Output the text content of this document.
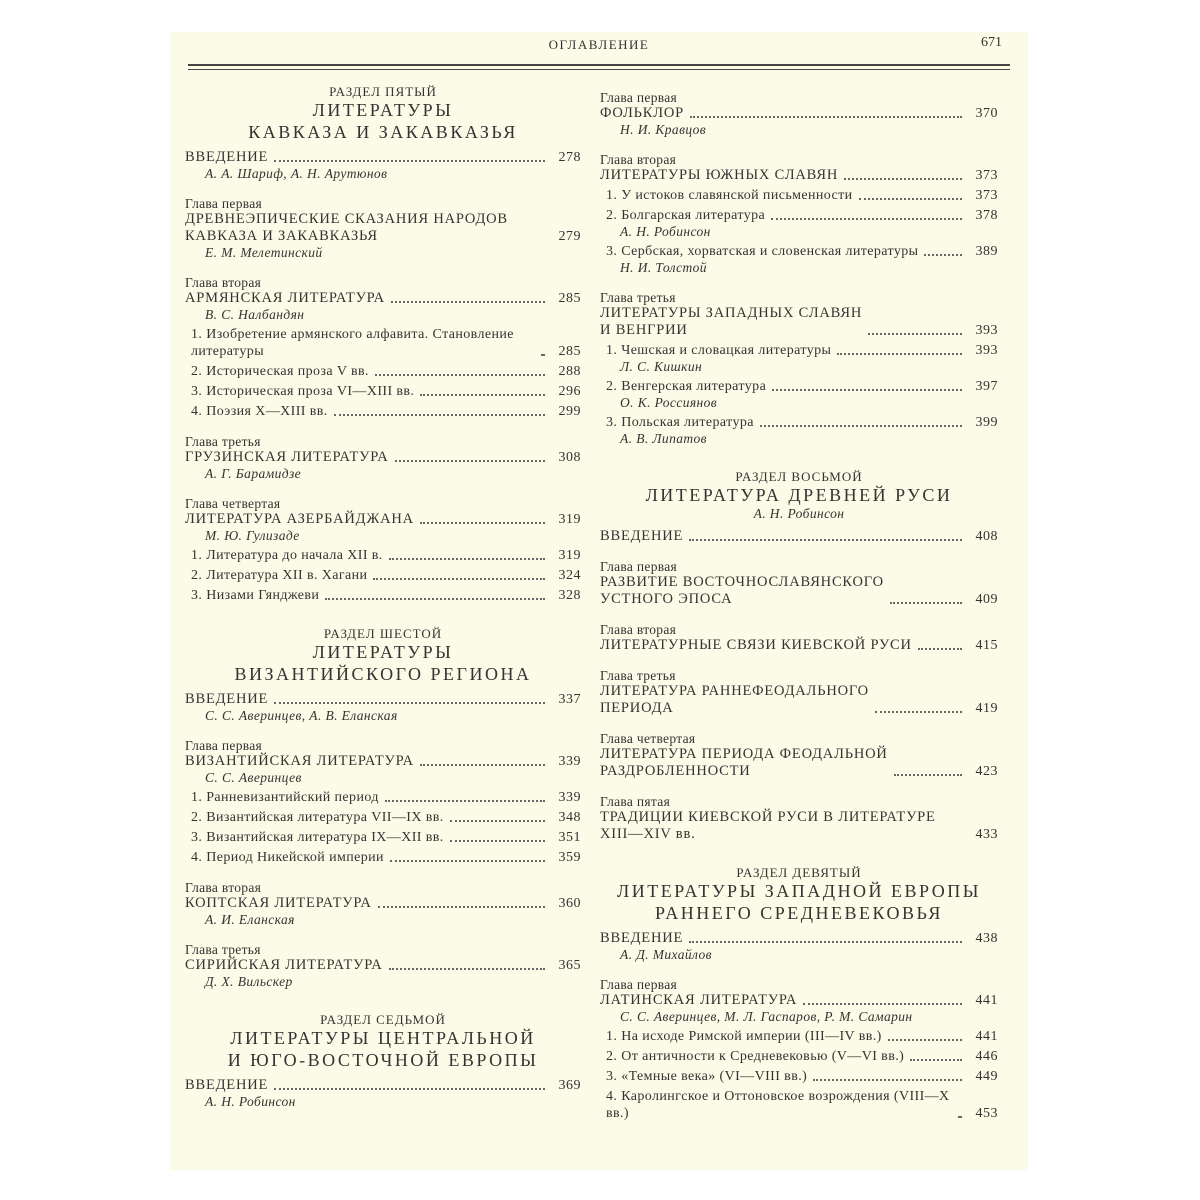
ОГЛАВЛЕНИЕ	671
РАЗДЕЛ ПЯТЫЙ
ЛИТЕРАТУРЫ
КАВКАЗА И ЗАКАВКАЗЬЯ
ВВЕДЕНИЕ	278
А. А. Шариф, А. Н. Арутюнов
Глава первая
ДРЕВНЕЭПИЧЕСКИЕ СКАЗАНИЯ НАРОДОВ
КАВКАЗА И ЗАКАВКАЗЬЯ	279
Е. М. Мелетинский
Глава вторая
АРМЯНСКАЯ ЛИТЕРАТУРА	285
В. С. Налбандян
1. Изобретение армянского алфавита. Становление литературы	285
2. Историческая проза V вв.	288
3. Историческая проза VI—XIII вв.	296
4. Поэзия X—XIII вв.	299
Глава третья
ГРУЗИНСКАЯ ЛИТЕРАТУРА	308
А. Г. Барамидзе
Глава четвертая
ЛИТЕРАТУРА АЗЕРБАЙДЖАНА	319
М. Ю. Гулизаде
1. Литература до начала XII в.	319
2. Литература XII в. Хагани	324
3. Низами Гянджеви	328
РАЗДЕЛ ШЕСТОЙ
ЛИТЕРАТУРЫ
ВИЗАНТИЙСКОГО РЕГИОНА
ВВЕДЕНИЕ	337
С. С. Аверинцев, А. В. Еланская
Глава первая
ВИЗАНТИЙСКАЯ ЛИТЕРАТУРА	339
С. С. Аверинцев
1. Ранневизантийский период	339
2. Византийская литература VII—IX вв.	348
3. Византийская литература IX—XII вв.	351
4. Период Никейской империи	359
Глава вторая
КОПТСКАЯ ЛИТЕРАТУРА	360
А. И. Еланская
Глава третья
СИРИЙСКАЯ ЛИТЕРАТУРА	365
Д. Х. Вильскер
РАЗДЕЛ СЕДЬМОЙ
ЛИТЕРАТУРЫ ЦЕНТРАЛЬНОЙ
И ЮГО-ВОСТОЧНОЙ ЕВРОПЫ
ВВЕДЕНИЕ	369
А. Н. Робинсон
Глава первая
ФОЛЬКЛОР	370
Н. И. Кравцов
Глава вторая
ЛИТЕРАТУРЫ ЮЖНЫХ СЛАВЯН	373
1. У истоков славянской письменности	373
2. Болгарская литература	378
А. Н. Робинсон
3. Сербская, хорватская и словенская литературы	389
Н. И. Толстой
Глава третья
ЛИТЕРАТУРЫ ЗАПАДНЫХ СЛАВЯН
И ВЕНГРИИ	393
1. Чешская и словацкая литературы	393
Л. С. Кишкин
2. Венгерская литература	397
О. К. Россиянов
3. Польская литература	399
А. В. Липатов
РАЗДЕЛ ВОСЬМОЙ
ЛИТЕРАТУРА ДРЕВНЕЙ РУСИ
А. Н. Робинсон
ВВЕДЕНИЕ	408
Глава первая
РАЗВИТИЕ ВОСТОЧНОСЛАВЯНСКОГО
УСТНОГО ЭПОСА	409
Глава вторая
ЛИТЕРАТУРНЫЕ СВЯЗИ КИЕВСКОЙ РУСИ	415
Глава третья
ЛИТЕРАТУРА РАННЕФЕОДАЛЬНОГО
ПЕРИОДА	419
Глава четвертая
ЛИТЕРАТУРА ПЕРИОДА ФЕОДАЛЬНОЙ
РАЗДРОБЛЕННОСТИ	423
Глава пятая
ТРАДИЦИИ КИЕВСКОЙ РУСИ В ЛИТЕРАТУРЕ
XIII—XIV вв.	433
РАЗДЕЛ ДЕВЯТЫЙ
ЛИТЕРАТУРЫ ЗАПАДНОЙ ЕВРОПЫ
РАННЕГО СРЕДНЕВЕКОВЬЯ
ВВЕДЕНИЕ	438
А. Д. Михайлов
Глава первая
ЛАТИНСКАЯ ЛИТЕРАТУРА	441
С. С. Аверинцев, М. Л. Гаспаров, Р. М. Самарин
1. На исходе Римской империи (III—IV вв.)	441
2. От античности к Средневековью (V—VI вв.)	446
3. «Темные века» (VI—VIII вв.)	449
4. Каролингское и Оттоновское возрождения (VIII—X вв.)	453
